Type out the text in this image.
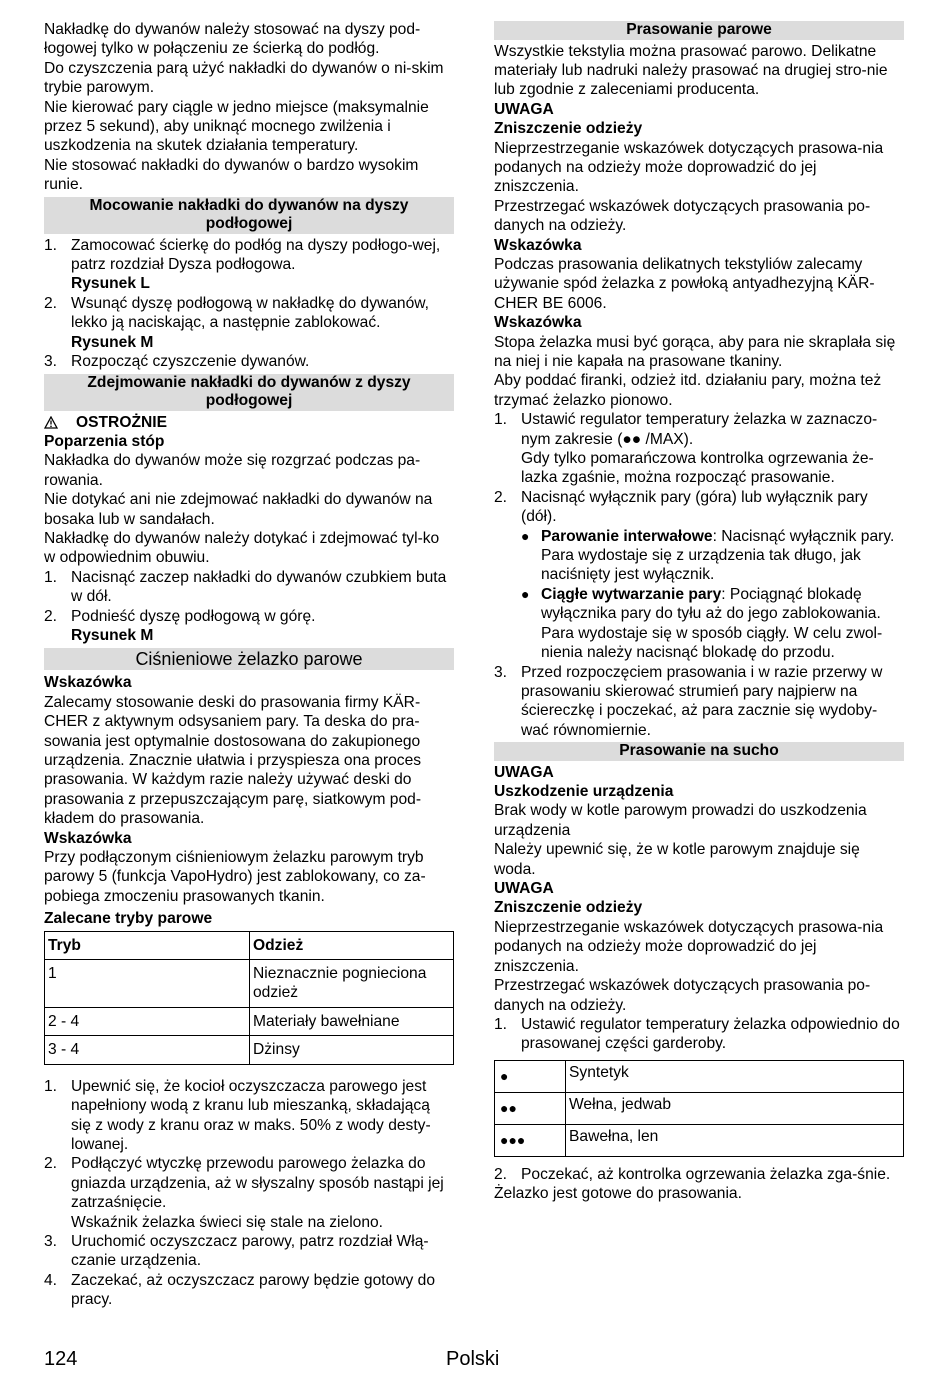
Nakładkę do dywanów należy stosować na dyszy pod-łogowej tylko w połączeniu ze ścierką do podłóg.

Do czyszczenia parą użyć nakładki do dywanów o ni-skim trybie parowym.

Nie kierować pary ciągle w jedno miejsce (maksymalnie przez 5 sekund), aby uniknąć mocnego zwilżenia i uszkodzenia na skutek działania temperatury.

Nie stosować nakładki do dywanów o bardzo wysokim runie.

Mocowanie nakładki do dywanów na dyszy podłogowej
1. Zamocować ścierkę do podłóg na dyszy podłogo-wej, patrz rozdział Dysza podłogowa.
Rysunek L
2. Wsunąć dyszę podłogową w nakładkę do dywanów, lekko ją naciskając, a następnie zablokować.
Rysunek M
3. Rozpocząć czyszczenie dywanów.
Zdejmowanie nakładki do dywanów z dyszy podłogowej
OSTROŻNIE

Poparzenia stóp

Nakładka do dywanów może się rozgrzać podczas pa-rowania.

Nie dotykać ani nie zdejmować nakładki do dywanów na bosaka lub w sandałach.

Nakładkę do dywanów należy dotykać i zdejmować tyl-ko w odpowiednim obuwiu.

1. Nacisnąć zaczep nakładki do dywanów czubkiem buta w dół.
2. Podnieść dyszę podłogową w górę.
Rysunek M
Ciśnieniowe żelazko parowe

Wskazówka

Zalecamy stosowanie deski do prasowania firmy KÄR-CHER z aktywnym odsysaniem pary. Ta deska do pra-sowania jest optymalnie dostosowana do zakupionego urządzenia. Znacznie ułatwia i przyspiesza ona proces prasowania. W każdym razie należy używać deski do prasowania z przepuszczającym parę, siatkowym pod-kładem do prasowania.

Wskazówka

Przy podłączonym ciśnieniowym żelazku parowym tryb parowy 5 (funkcja VapoHydro) jest zablokowany, co za-pobiega zmoczeniu prasowanych tkanin.

Zalecane tryby parowe

Tryb	Odzież
1	Nieznacznie pognieciona odzież
2 - 4	Materiały bawełniane
3 - 4	Dżinsy
1. Upewnić się, że kocioł oczyszczacza parowego jest napełniony wodą z kranu lub mieszanką, składającą się z wody z kranu oraz w maks. 50% z wody desty-lowanej.
2. Podłączyć wtyczkę przewodu parowego żelazka do gniazda urządzenia, aż w słyszalny sposób nastąpi jej zatrzaśnięcie.
Wskaźnik żelazka świeci się stale na zielono.
3. Uruchomić oczyszczacz parowy, patrz rozdział Włą-czanie urządzenia.
4. Zaczekać, aż oczyszczacz parowy będzie gotowy do pracy.
Prasowanie parowe

Wszystkie tekstylia można prasować parowo. Delikatne materiały lub nadruki należy prasować na drugiej stro-nie lub zgodnie z zaleceniami producenta.

UWAGA

Zniszczenie odzieży

Nieprzestrzeganie wskazówek dotyczących prasowa-nia podanych na odzieży może doprowadzić do jej zniszczenia.

Przestrzegać wskazówek dotyczących prasowania po-danych na odzieży.

Wskazówka

Podczas prasowania delikatnych tekstyliów zalecamy używanie spód żelazka z powłoką antyadhezyjną KÄR-CHER BE 6006.

Wskazówka

Stopa żelazka musi być gorąca, aby para nie skraplała się na niej i nie kapała na prasowane tkaniny.

Aby poddać firanki, odzież itd. działaniu pary, można też trzymać żelazko pionowo.

1. Ustawić regulator temperatury żelazka w zaznaczo-nym zakresie (●● /MAX).
Gdy tylko pomarańczowa kontrolka ogrzewania że-lazka zgaśnie, można rozpocząć prasowanie.
2. Nacisnąć wyłącznik pary (góra) lub wyłącznik pary (dół).
● Parowanie interwałowe: Nacisnąć wyłącznik pary. Para wydostaje się z urządzenia tak długo, jak naciśnięty jest wyłącznik.
● Ciągłe wytwarzanie pary: Pociągnąć blokadę wyłącznika pary do tyłu aż do jego zablokowania. Para wydostaje się w sposób ciągły. W celu zwol-nienia należy nacisnąć blokadę do przodu.
3. Przed rozpoczęciem prasowania i w razie przerwy w prasowaniu skierować strumień pary najpierw na ściereczkę i poczekać, aż para zacznie się wydoby-wać równomiernie.
Prasowanie na sucho

UWAGA

Uszkodzenie urządzenia

Brak wody w kotle parowym prowadzi do uszkodzenia urządzenia

Należy upewnić się, że w kotle parowym znajduje się woda.

UWAGA

Zniszczenie odzieży

Nieprzestrzeganie wskazówek dotyczących prasowa-nia podanych na odzieży może doprowadzić do jej zniszczenia.

Przestrzegać wskazówek dotyczących prasowania po-danych na odzieży.

1. Ustawić regulator temperatury żelazka odpowiednio do prasowanej części garderoby.
●	Syntetyk
●●	Wełna, jedwab
●●●	Bawełna, len
2. Poczekać, aż kontrolka ogrzewania żelazka zga-śnie.

Żelazko jest gotowe do prasowania.

124	Polski
